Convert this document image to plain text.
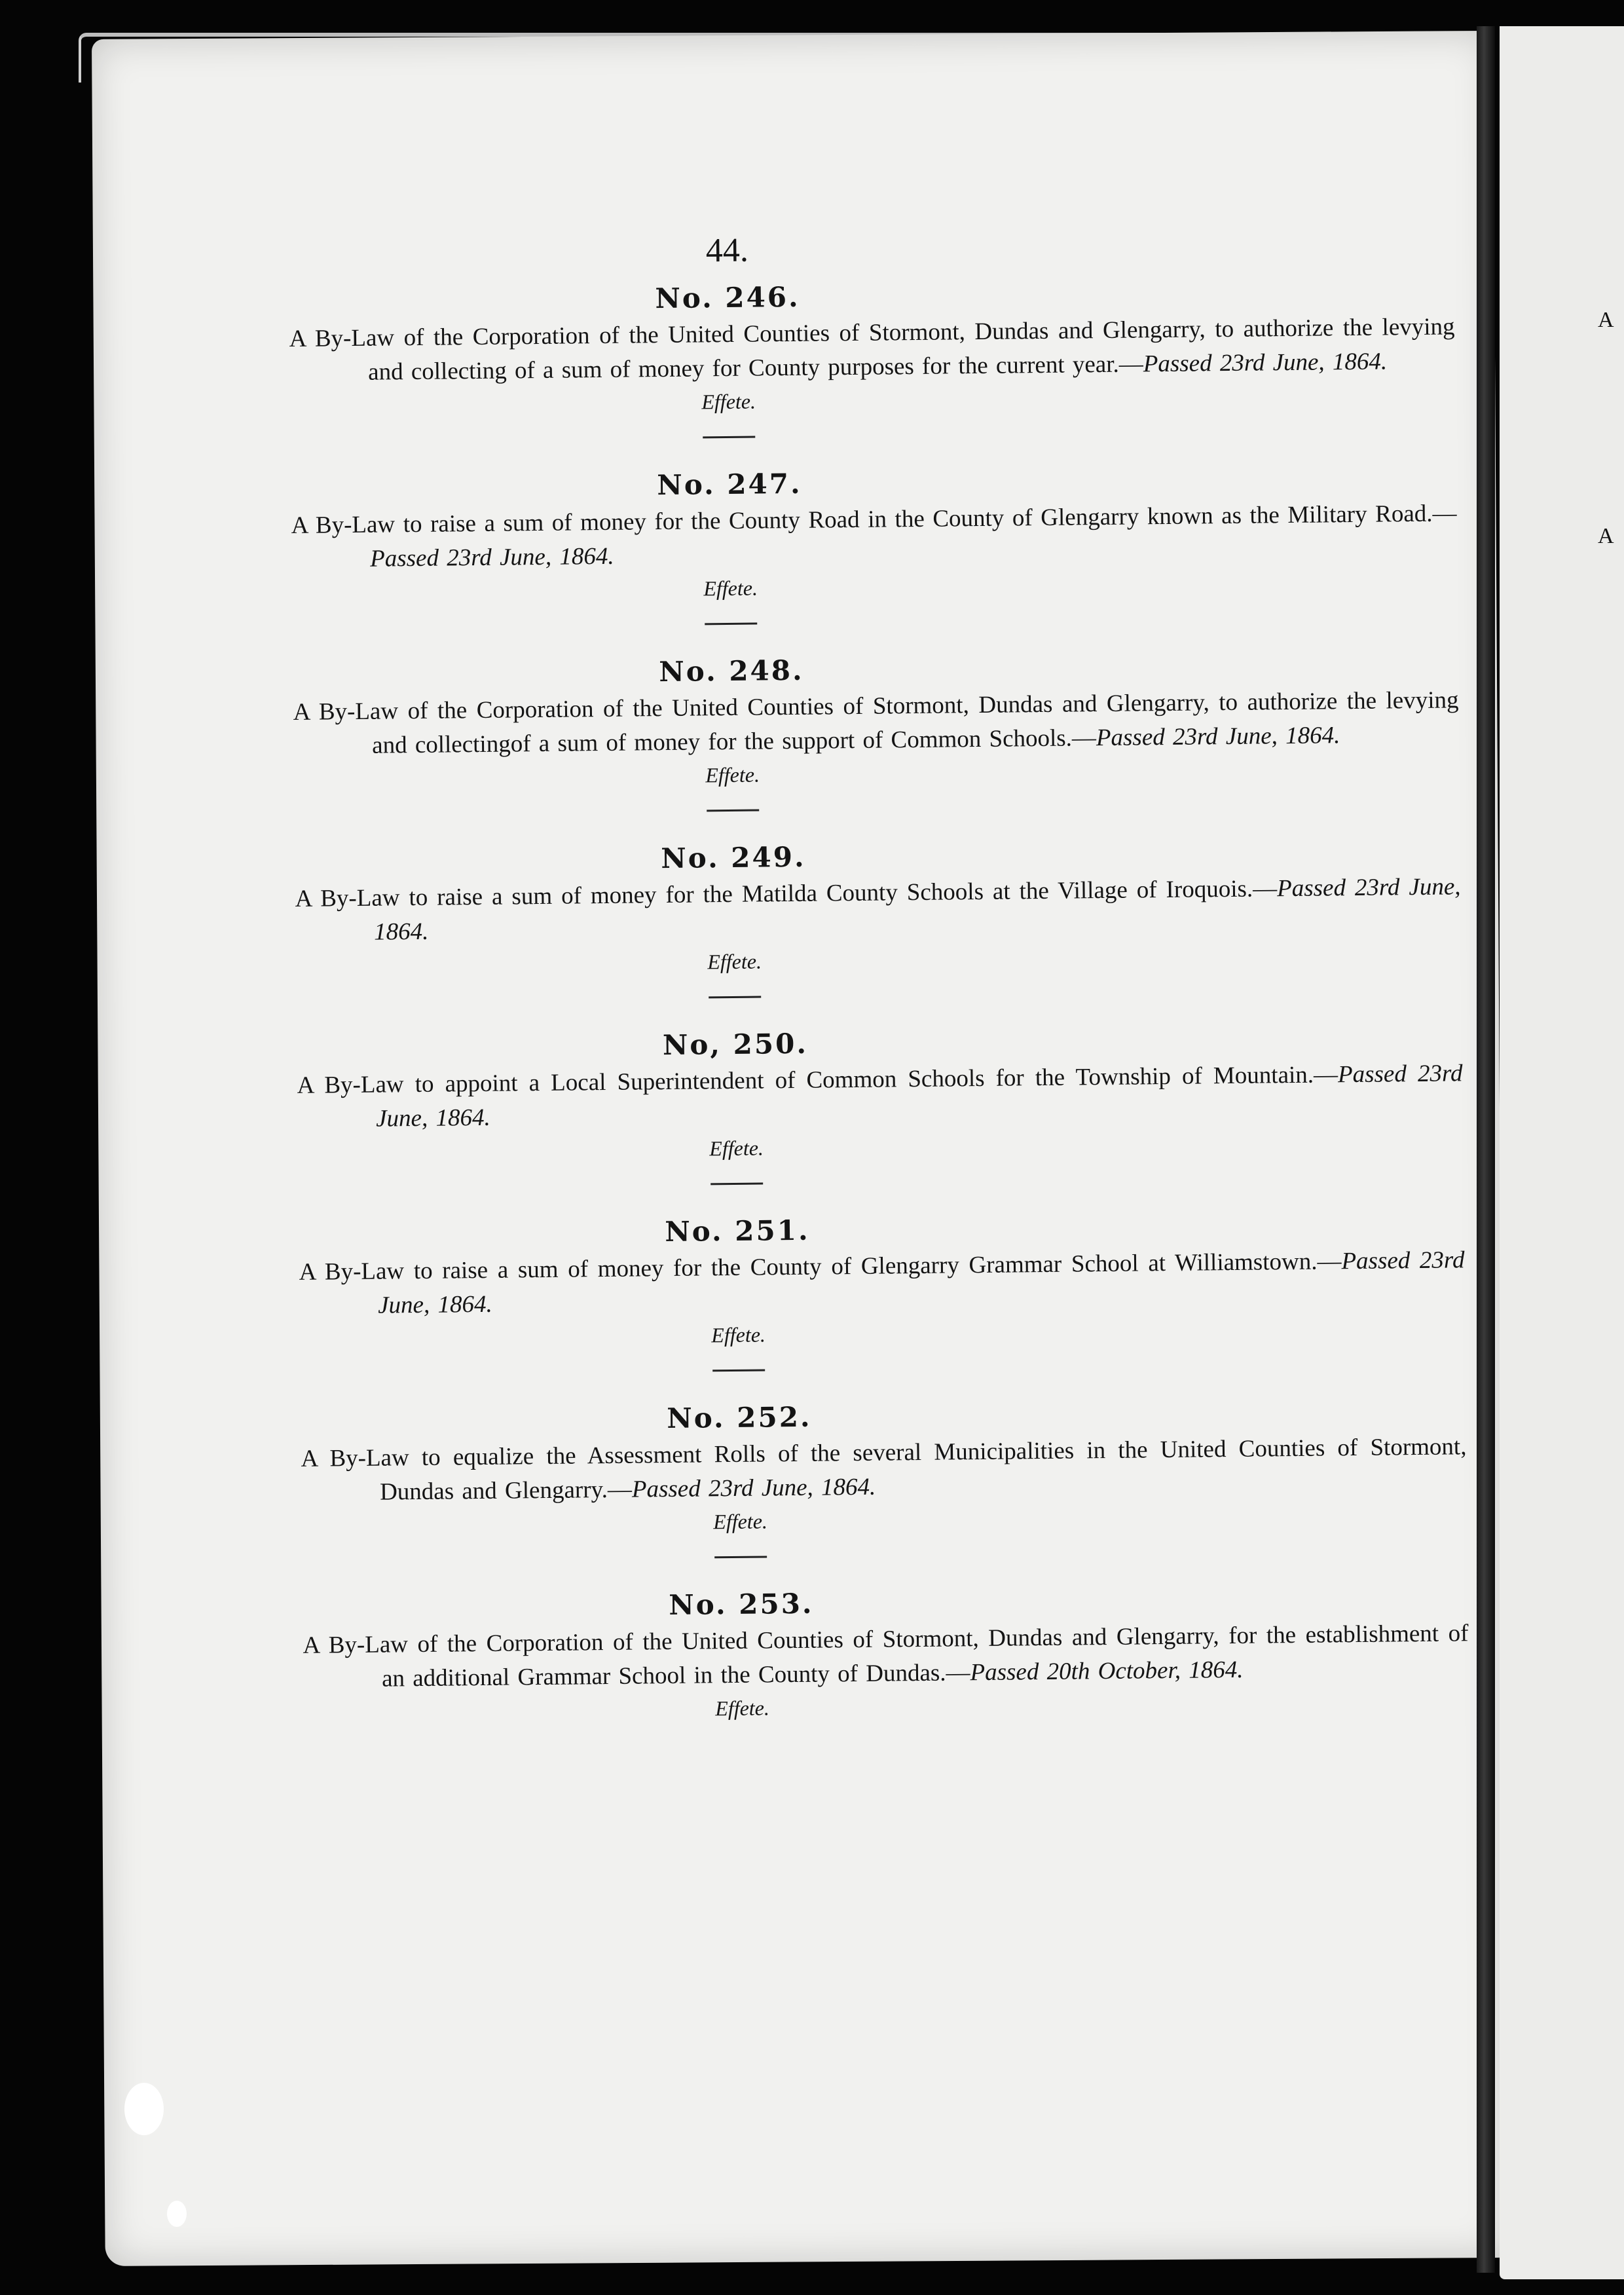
A
A
44.
No. 246.
A By-Law of the Corporation of the United Counties of Stormont, Dundas and Glengarry, to authorize the levying and collecting of a sum of money for County purposes for the current year.—Passed 23rd June, 1864.
Effete.
No. 247.
A By-Law to raise a sum of money for the County Road in the County of Glengarry known as the Military Road.—Passed 23rd June, 1864.
Effete.
No. 248.
A By-Law of the Corporation of the United Counties of Stormont, Dundas and Glengarry, to authorize the levying and collectingof a sum of money for the support of Common Schools.—Passed 23rd June, 1864.
Effete.
No. 249.
A By-Law to raise a sum of money for the Matilda County Schools at the Village of Iroquois.—Passed 23rd June, 1864.
Effete.
No, 250.
A By-Law to appoint a Local Superintendent of Common Schools for the Township of Mountain.—Passed 23rd June, 1864.
Effete.
No. 251.
A By-Law to raise a sum of money for the County of Glengarry Grammar School at Williamstown.—Passed 23rd June, 1864.
Effete.
No. 252.
A By-Law to equalize the Assessment Rolls of the several Municipalities in the United Counties of Stormont, Dundas and Glengarry.—Passed 23rd June, 1864.
Effete.
No. 253.
A By-Law of the Corporation of the United Counties of Stormont, Dundas and Glengarry, for the establishment of an additional Grammar School in the County of Dundas.—Passed 20th October, 1864.
Effete.
